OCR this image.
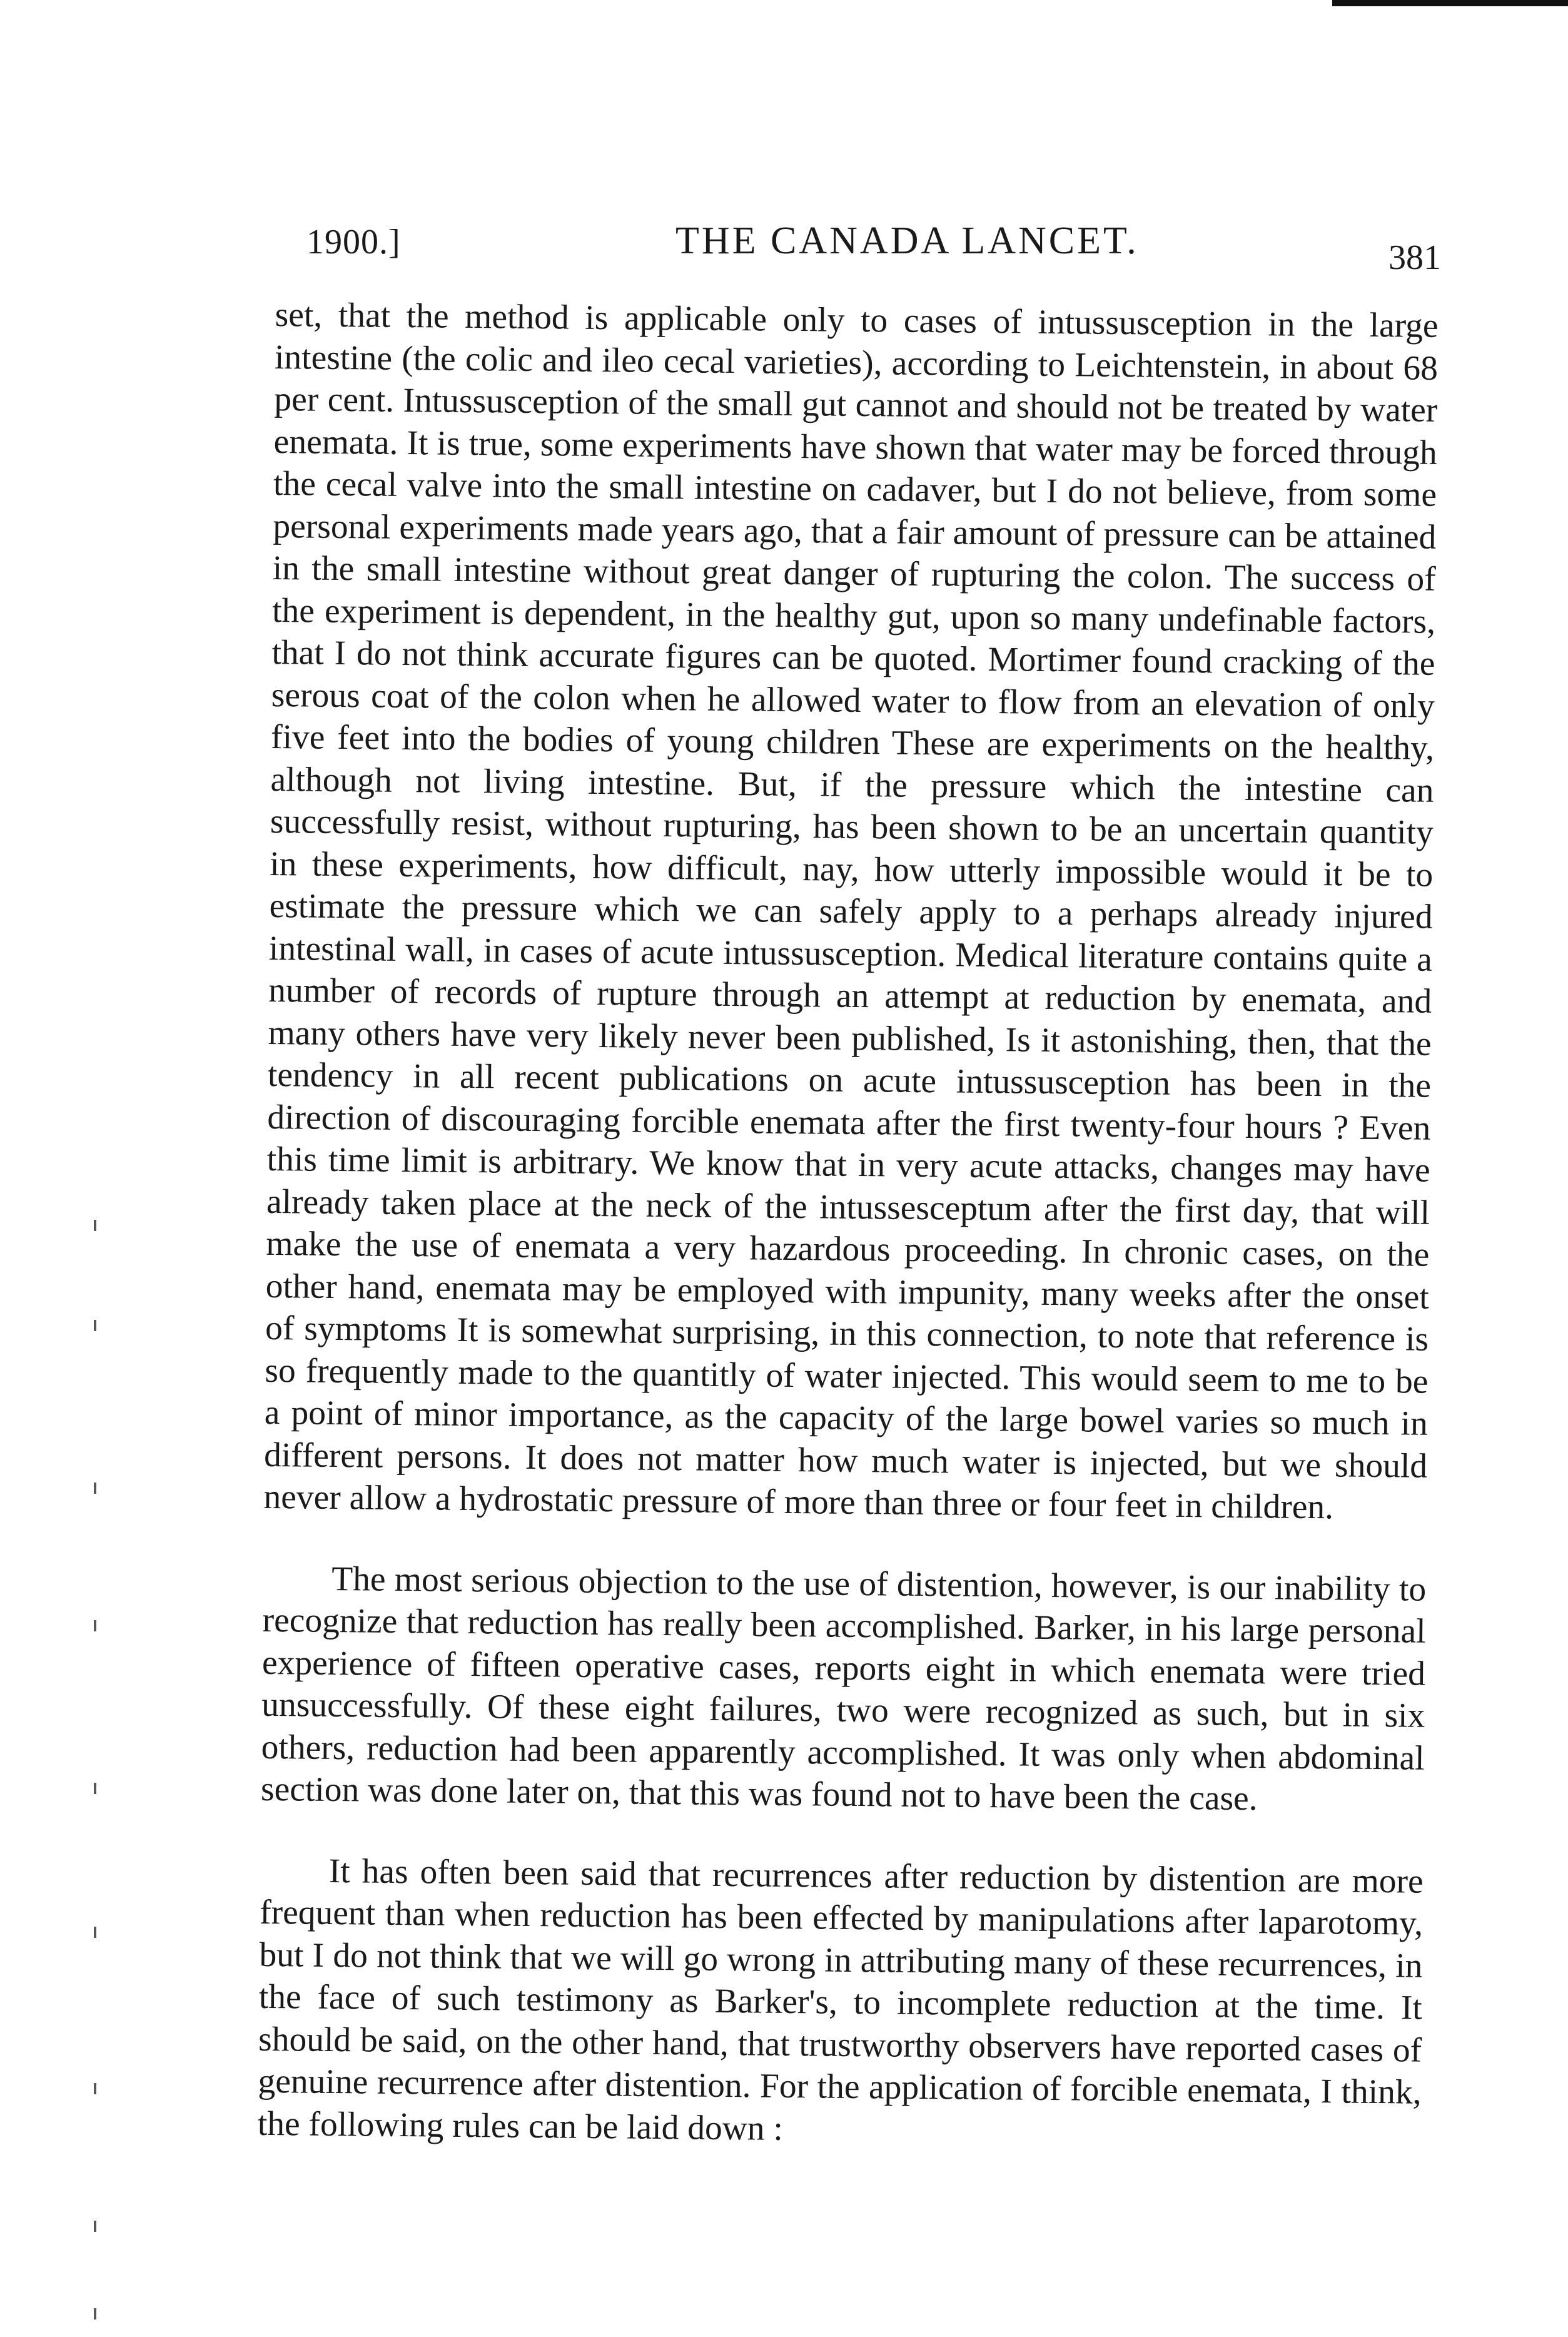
1900.]	THE CANADA LANCET.	381

set, that the method is applicable only to cases of intussusception in the large intestine (the colic and ileo cecal varieties), according to Leichtenstein, in about 68 per cent. Intussusception of the small gut cannot and should not be treated by water enemata. It is true, some experiments have shown that water may be forced through the cecal valve into the small intestine on cadaver, but I do not believe, from some personal experiments made years ago, that a fair amount of pressure can be attained in the small intestine without great danger of rupturing the colon. The success of the experiment is dependent, in the healthy gut, upon so many undefinable factors, that I do not think accurate figures can be quoted. Mortimer found cracking of the serous coat of the colon when he allowed water to flow from an elevation of only five feet into the bodies of young children These are experiments on the healthy, although not living intestine. But, if the pressure which the intestine can successfully resist, without rupturing, has been shown to be an uncertain quantity in these experiments, how difficult, nay, how utterly impossible would it be to estimate the pressure which we can safely apply to a perhaps already injured intestinal wall, in cases of acute intussusception. Medical literature contains quite a number of records of rupture through an attempt at reduction by enemata, and many others have very likely never been published, Is it astonishing, then, that the tendency in all recent publications on acute intussusception has been in the direction of discouraging forcible enemata after the first twenty-four hours ? Even this time limit is arbitrary. We know that in very acute attacks, changes may have already taken place at the neck of the intussesceptum after the first day, that will make the use of enemata a very hazardous proceeding. In chronic cases, on the other hand, enemata may be employed with impunity, many weeks after the onset of symptoms It is somewhat surprising, in this connection, to note that reference is so frequently made to the quantitly of water injected. This would seem to me to be a point of minor importance, as the capacity of the large bowel varies so much in different persons. It does not matter how much water is injected, but we should never allow a hydrostatic pressure of more than three or four feet in children.

The most serious objection to the use of distention, however, is our inability to recognize that reduction has really been accomplished. Barker, in his large personal experience of fifteen operative cases, reports eight in which enemata were tried unsuccessfully. Of these eight failures, two were recognized as such, but in six others, reduction had been apparently accomplished. It was only when abdominal section was done later on, that this was found not to have been the case.

It has often been said that recurrences after reduction by distention are more frequent than when reduction has been effected by manipulations after laparotomy, but I do not think that we will go wrong in attributing many of these recurrences, in the face of such testimony as Barker's, to incomplete reduction at the time. It should be said, on the other hand, that trustworthy observers have reported cases of genuine recurrence after distention. For the application of forcible enemata, I think, the following rules can be laid down :
